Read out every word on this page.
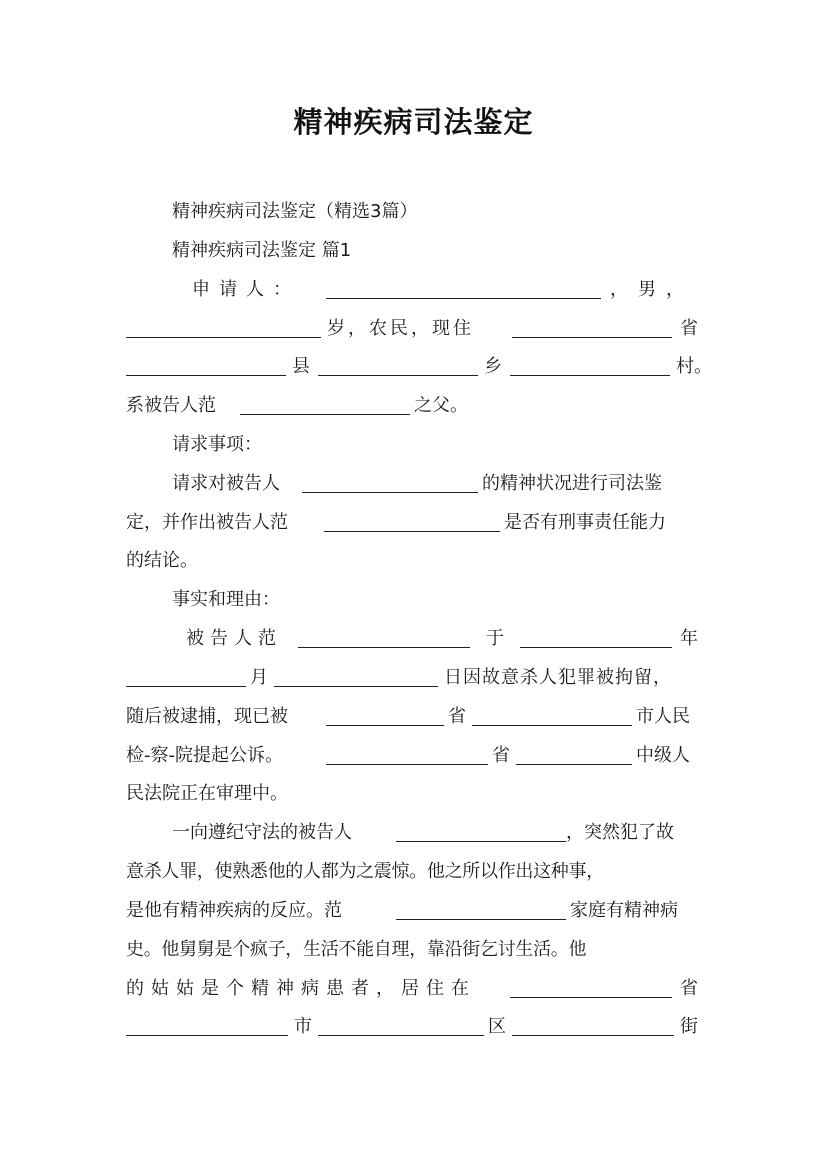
精神疾病司法鉴定
精神疾病司法鉴定（精选3篇）
精神疾病司法鉴定 篇1
申请人：	，男，
岁，农民，现住	省
县	乡	村。
系被告人范	之父。
请求事项：
请求对被告人	的精神状况进行司法鉴
定，并作出被告人范	是否有刑事责任能力
的结论。
事实和理由：
被告人范	于	年
月	日因故意杀人犯罪被拘留，
随后被逮捕，现已被	省	市人民
检-察-院提起公诉。	省	中级人
民法院正在审理中。
一向遵纪守法的被告人	，突然犯了故
意杀人罪，使熟悉他的人都为之震惊。他之所以作出这种事，
是他有精神疾病的反应。范	家庭有精神病
史。他舅舅是个疯子，生活不能自理，靠沿街乞讨生活。他
的姑姑是个精神病患者，居住在	省
市	区	街
